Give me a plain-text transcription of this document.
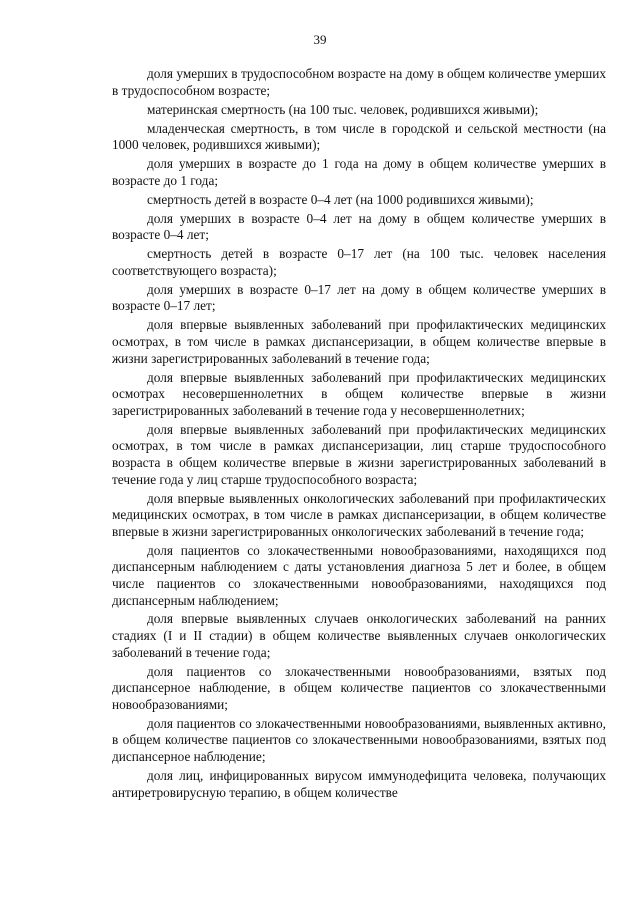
39

доля умерших в трудоспособном возрасте на дому в общем количестве умерших в трудоспособном возрасте;

материнская смертность (на 100 тыс. человек, родившихся живыми);

младенческая смертность, в том числе в городской и сельской местности (на 1000 человек, родившихся живыми);

доля умерших в возрасте до 1 года на дому в общем количестве умерших в возрасте до 1 года;

смертность детей в возрасте 0–4 лет (на 1000 родившихся живыми);

доля умерших в возрасте 0–4 лет на дому в общем количестве умерших в возрасте 0–4 лет;

смертность детей в возрасте 0–17 лет (на 100 тыс. человек населения соответствующего возраста);

доля умерших в возрасте 0–17 лет на дому в общем количестве умерших в возрасте 0–17 лет;

доля впервые выявленных заболеваний при профилактических медицинских осмотрах, в том числе в рамках диспансеризации, в общем количестве впервые в жизни зарегистрированных заболеваний в течение года;

доля впервые выявленных заболеваний при профилактических медицинских осмотрах несовершеннолетних в общем количестве впервые в жизни зарегистрированных заболеваний в течение года у несовершеннолетних;

доля впервые выявленных заболеваний при профилактических медицинских осмотрах, в том числе в рамках диспансеризации, лиц старше трудоспособного возраста в общем количестве впервые в жизни зарегистрированных заболеваний в течение года у лиц старше трудоспособного возраста;

доля впервые выявленных онкологических заболеваний при профилактических медицинских осмотрах, в том числе в рамках диспансеризации, в общем количестве впервые в жизни зарегистрированных онкологических заболеваний в течение года;

доля пациентов со злокачественными новообразованиями, находящихся под диспансерным наблюдением с даты установления диагноза 5 лет и более, в общем числе пациентов со злокачественными новообразованиями, находящихся под диспансерным наблюдением;

доля впервые выявленных случаев онкологических заболеваний на ранних стадиях (I и II стадии) в общем количестве выявленных случаев онкологических заболеваний в течение года;

доля пациентов со злокачественными новообразованиями, взятых под диспансерное наблюдение, в общем количестве пациентов со злокачественными новообразованиями;

доля пациентов со злокачественными новообразованиями, выявленных активно, в общем количестве пациентов со злокачественными новообразованиями, взятых под диспансерное наблюдение;

доля лиц, инфицированных вирусом иммунодефицита человека, получающих антиретровирусную терапию, в общем количестве
